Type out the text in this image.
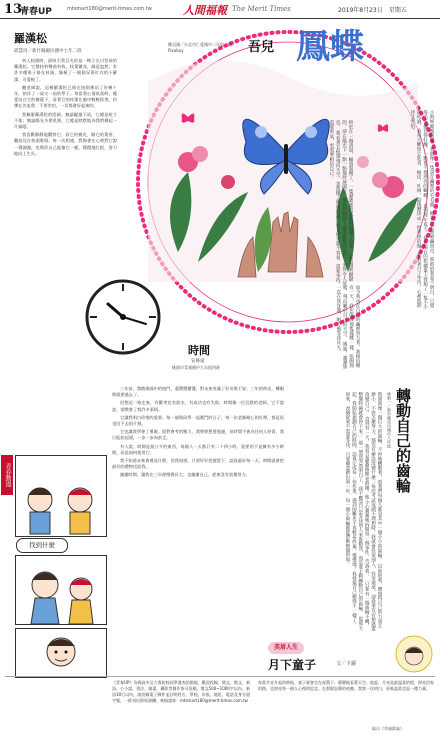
13
青春UP	mtsmart180@merit-times.com.tw	人間福報 The Merit Times	2019年8月23日　星期五
羅漢松
邱慧涓／新竹縣錦民國中七年二班

初入校園時，最吸引我目光的是一棵立在川堂前的羅漢松。它整枝幹彎曲有致，枝葉繁茂，綠意盎然；有許多種果子掛在枝頭，像極了一個個穿著紅衣的小羅漢，可愛極了。

聽老師說，這棵羅漢松已經在校園裡站了好幾十年，陪伴了一屆又一屆的學子。每當我心情低落時，總愛站在它的樹蔭下，看著它的枝葉在風中輕輕搖曳，彷彿在告訴我：不要害怕，一切都會好起來的。

我佩服羅漢松的堅韌，無論颳風下雨，它總是屹立不搖；無論陽光多麼炙熱，它總是默默地為我們撐起一片綠蔭。

我喜歡靜靜地觀察它，看它的樹皮，聞它的葉香，聽鳥兒在枝頭歌唱。每一次相遇，我都會在心裡對它說一聲謝謝，也期許自己能像它一樣，穩穩地扎根，努力地向上生長。

吾兒 鳳蝶
鄭羽涵／台北市仁愛國中二年級　圖／Pixabay
小時候媽媽常說，我就像一隻還在繭裡的毛毛蟲，總有一天會破繭而出。那時的我並不明白，只覺得毛毛蟲長得好醜，一點也不像漂亮的蝴蝶。 直到那年夏天，我在陽台的柑橘葉上發現了一隻小小的幼蟲，我每天觀察它進食、蛻皮、吐絲，最後懸掛成一枚翠綠的蛹。我數著日子等待，心裡既期待又害怕。
終於在一個清晨，蛹殼裂開了，一隻濕漉漉的鳳蝶慢慢爬了出來。它的翅膀皺皺的，卻在陽光下一點一點地舒展開來，黑色的翅膀上綴著藍色的光芒，美得令人屏息。 我看著它振翅飛向天空，忽然懂了媽媽的話。成長從來都不容易，需要等待，需要勇氣，更需要相信自己。
如今我也在自己的繭裡努力著，我相信總有一天，我也能像那隻鳳蝶一樣，張開翅膀，飛向屬於自己的天空。 媽媽，謝謝妳一直在我身邊，耐心地等我長大。
轉動自己的齒輪
林新一／新竹縣成功國中八年級
時間就像一個巨大的齒輪，不停地轉動著，而我們每個人都是其中一個小小的齒輪。 以前的我，總覺得自己的力量太渺小，不管怎麼努力，都沒有辦法改變什麼；每次考試成績不理想時，我就會怪罪別人，怪罪環境，卻從來沒有想過要改變自己。 直到有一天，我看見爺爺修理老時鐘。他小心翼翼地拆開每一個零件，告訴我：「只要有一個齒輪不轉，整個時鐘就會停下來。」那一刻我突然明白了，我不應該只是等待別人來推動我，而是要主動轉動自己的齒輪。 從那天起，我開始規劃自己的時間，認真完成每一份作業，遇到困難也不再輕易放棄。慢慢地，我發現自己變得不一樣了。 原來，改變從來不需要等待，只要願意踏出第一步，每一個小齒輪都能帶動整個世界。
時間
安修遠
桃園市青溪國中九年級四班

三年前，我踏進國中的校門，還懵懵懂懂，對未來充滿了好奇與不安。三年的時光，轉眼間就要過去了。

回想這一路走來，有歡笑也有淚水，有成功也有失敗。時間像一位沉默的老師，它不說話，卻教會了我許多事情。

它讓我明白珍惜的重要。每一個與同學一起奮鬥的日子，每一次老師耐心的叮嚀，都是再也回不去的片刻。

它也讓我學會了勇敢。面對會考的壓力，我曾經想要逃避，但時間不會為任何人停留，我只能抬起頭，一步一步向前走。

有人說，時間是最公平的東西，每個人一天都只有二十四小時。重要的不是擁有多少時間，而是如何使用它。

我不知道未來會遇見什麼，但我知道，只要好好把握當下，認真過好每一天，時間就會把最好的禮物送給我。

謝謝時間，讓我在三年裡慢慢長大；也謝謝自己，從來沒有放棄努力。

青春動漫
找到什麼
《青春UP》為國高中及大專院校同學發表的園地，歡迎投稿，徵文、散文、新詩、小小說、書法、繪畫、攝影等創作皆可投稿，散文500~1000字以內，新詩30行以內，請投稿電子郵件並註明姓名、學校、年級、地址、電話及身分證字號，一經刊出即致薄酬，來稿請寄：mtsmart180@merit-times.com.tw
美眉人生
月下童子	文／卡蘿
每當月亮升起的時候，童子就會坐在屋簷下，靜靜地看著天空。他說，月亮是最溫柔的燈，照亮回家的路，也照亮每一個人心裡的思念。在那個安靜的夜晚，我第一次明白，原來溫柔也是一種力量。
取自《幸福節氣》
